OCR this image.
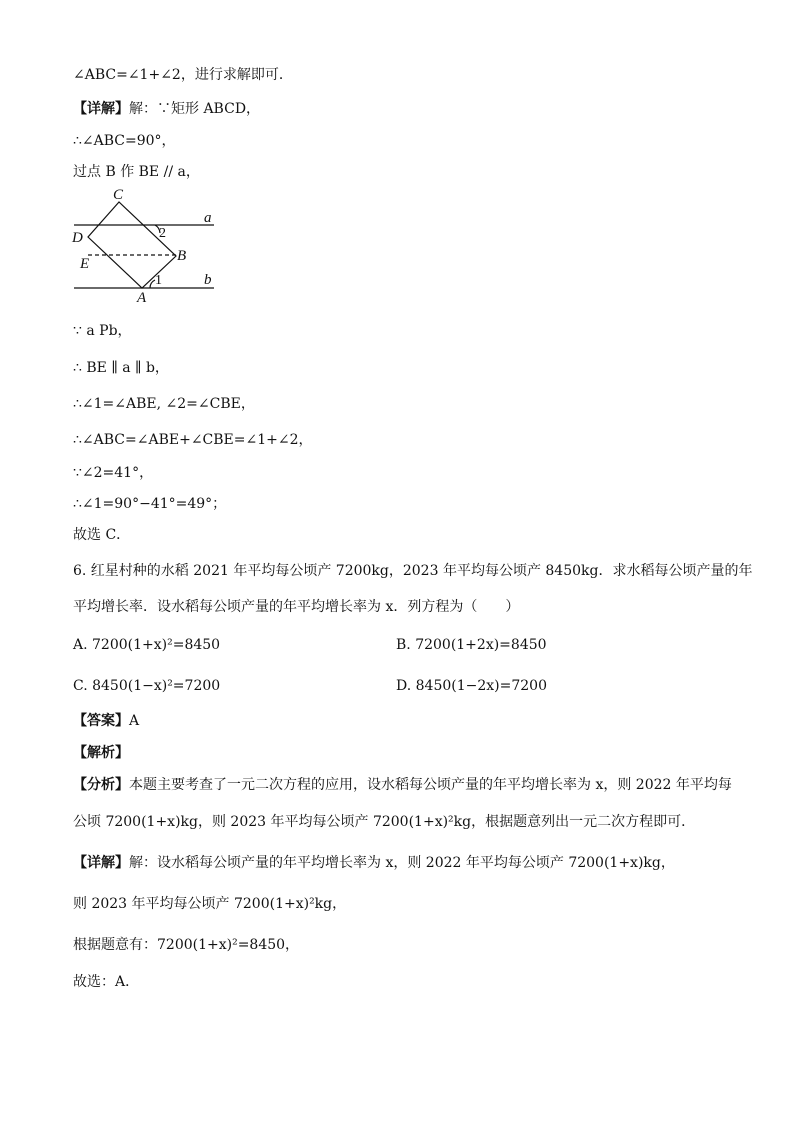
∠ABC=∠1+∠2，进行求解即可．
【详解】解：∵矩形 ABCD，
∴∠ABC=90°，
过点 B 作 BE // a，
C
a
D
E	B
b
A
2
1
∵ a Pb，
∴ BE ∥ a ∥ b，
∴∠1=∠ABE, ∠2=∠CBE，
∴∠ABC=∠ABE+∠CBE=∠1+∠2，
∵∠2=41°，
∴∠1=90°−41°=49°；
故选 C．
6. 红星村种的水稻 2021 年平均每公顷产 7200kg，2023 年平均每公顷产 8450kg．求水稻每公顷产量的年
平均增长率．设水稻每公顷产量的年平均增长率为 x．列方程为（　　）
A. 7200(1+x)²=8450	B. 7200(1+2x)=8450
C. 8450(1−x)²=7200	D. 8450(1−2x)=7200
【答案】A
【解析】
【分析】本题主要考查了一元二次方程的应用，设水稻每公顷产量的年平均增长率为 x，则 2022 年平均每
公顷 7200(1+x)kg，则 2023 年平均每公顷产 7200(1+x)²kg，根据题意列出一元二次方程即可．
【详解】解：设水稻每公顷产量的年平均增长率为 x，则 2022 年平均每公顷产 7200(1+x)kg，
则 2023 年平均每公顷产 7200(1+x)²kg，
根据题意有：7200(1+x)²=8450，
故选：A．
